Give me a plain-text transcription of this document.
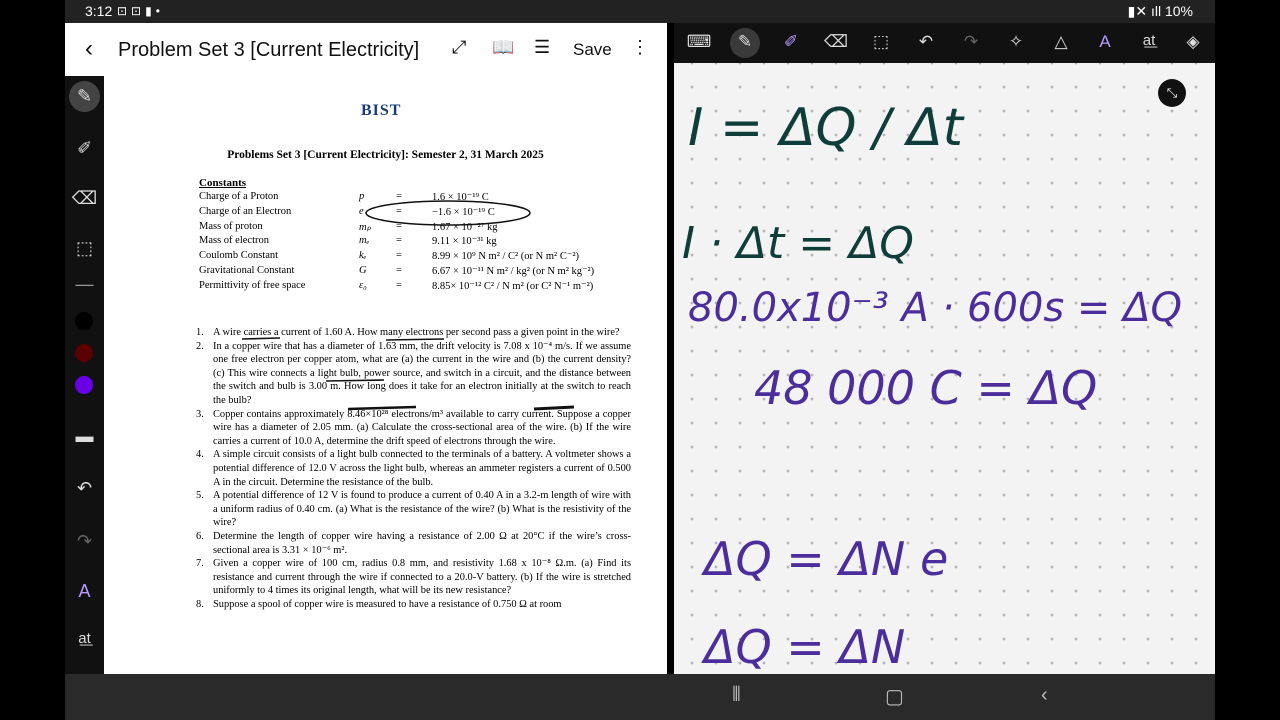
3:12 ⊡⊡▮•	▮✕ ıll 10%
‹ Problem Set 3 [Current Electricity] ⤢ 📖 ☰ Save ⋮
✎
✐
⌫
⬚
—
▬
↶
↷
A
a͟t
BIST
Problems Set 3 [Current Electricity]: Semester 2, 31 March 2025
Constants
Charge of a Proton	p	=	1.6 × 10⁻¹⁹ C
Charge of an Electron	e	=	−1.6 × 10⁻¹⁹ C
Mass of proton	mₚ =	1.67 × 10⁻²⁷ kg
Mass of electron	mₑ	=	9.11 × 10⁻³¹ kg
Coulomb Constant	kₑ	=	8.99 × 10⁹ N m² / C² (or N m² C⁻²)
Gravitational Constant	G	=	6.67 × 10⁻¹¹ N m² / kg² (or N m² kg⁻²)
Permittivity of free space	ε₀	=	8.85× 10⁻¹² C² / N m² (or C² N⁻¹ m⁻²)
1. A wire carries a current of 1.60 A. How many electrons per second pass a given point in the wire?
2. In a copper wire that has a diameter of 1.63 mm, the drift velocity is 7.08 x 10⁻⁴ m/s. If we assume one free electron per copper atom, what are (a) the current in the wire and (b) the current density? (c) This wire connects a light bulb, power source, and switch in a circuit, and the distance between the switch and bulb is 3.00 m. How long does it take for an electron initially at the switch to reach the bulb?
3. Copper contains approximately 8.46×10²⁸ electrons/m³ available to carry current. Suppose a copper wire has a diameter of 2.05 mm. (a) Calculate the cross-sectional area of the wire. (b) If the wire carries a current of 10.0 A, determine the drift speed of electrons through the wire.
4. A simple circuit consists of a light bulb connected to the terminals of a battery. A voltmeter shows a potential difference of 12.0 V across the light bulb, whereas an ammeter registers a current of 0.500 A in the circuit. Determine the resistance of the bulb.
5. A potential difference of 12 V is found to produce a current of 0.40 A in a 3.2-m length of wire with a uniform radius of 0.40 cm. (a) What is the resistance of the wire? (b) What is the resistivity of the wire?
6. Determine the length of copper wire having a resistance of 2.00 Ω at 20°C if the wire’s cross-sectional area is 3.31 × 10⁻⁶ m².
7. Given a copper wire of 100 cm, radius 0.8 mm, and resistivity 1.68 x 10⁻⁸ Ω.m. (a) Find its resistance and current through the wire if connected to a 20.0-V battery. (b) If the wire is stretched uniformly to 4 times its original length, what will be its new resistance?
8. Suppose a spool of copper wire is measured to have a resistance of 0.750 Ω at room
⌨	✎	✐	⌫ ⬚	↶	↷	✧	△	A	a͟t	◈
⤡
I = ΔQ / Δt
I · Δt = ΔQ
80.0x10⁻³ A · 600s = ΔQ
48 000 C = ΔQ
ΔQ = ΔN e
ΔQ = ΔN
⦀	▢	‹
